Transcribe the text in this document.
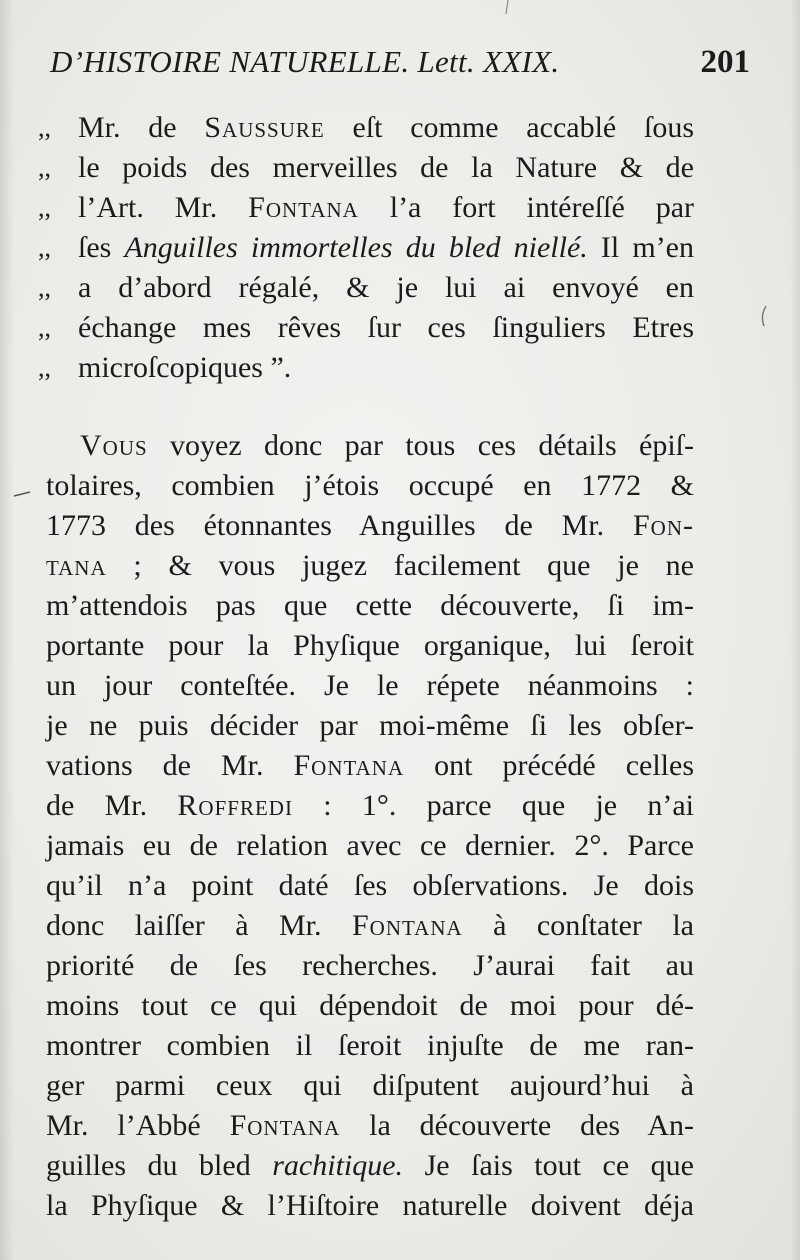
D’HISTOIRE NATURELLE. Lett. XXIX.	201
,, Mr. de Saussure eſt comme accablé ſous
,, le poids des merveilles de la Nature & de
,, l’Art. Mr. Fontana l’a fort intéreſſé par
,, ſes Anguilles immortelles du bled niellé. Il m’en
,, a d’abord régalé, & je lui ai envoyé en
,, échange mes rêves ſur ces ſinguliers Etres
,, microſcopiques ”.
Vous voyez donc par tous ces détails épiſ-
tolaires, combien j’étois occupé en 1772 &
1773 des étonnantes Anguilles de Mr. Fon-
tana ; & vous jugez facilement que je ne
m’attendois pas que cette découverte, ſi im-
portante pour la Phyſique organique, lui ſeroit
un jour conteſtée. Je le répete néanmoins :
je ne puis décider par moi-même ſi les obſer-
vations de Mr. Fontana ont précédé celles
de Mr. Roffredi : 1°. parce que je n’ai
jamais eu de relation avec ce dernier. 2°. Parce
qu’il n’a point daté ſes obſervations. Je dois
donc laiſſer à Mr. Fontana à conſtater la
priorité de ſes recherches. J’aurai fait au
moins tout ce qui dépendoit de moi pour dé-
montrer combien il ſeroit injuſte de me ran-
ger parmi ceux qui diſputent aujourd’hui à
Mr. l’Abbé Fontana la découverte des An-
guilles du bled rachitique. Je ſais tout ce que
la Phyſique & l’Hiſtoire naturelle doivent déja
